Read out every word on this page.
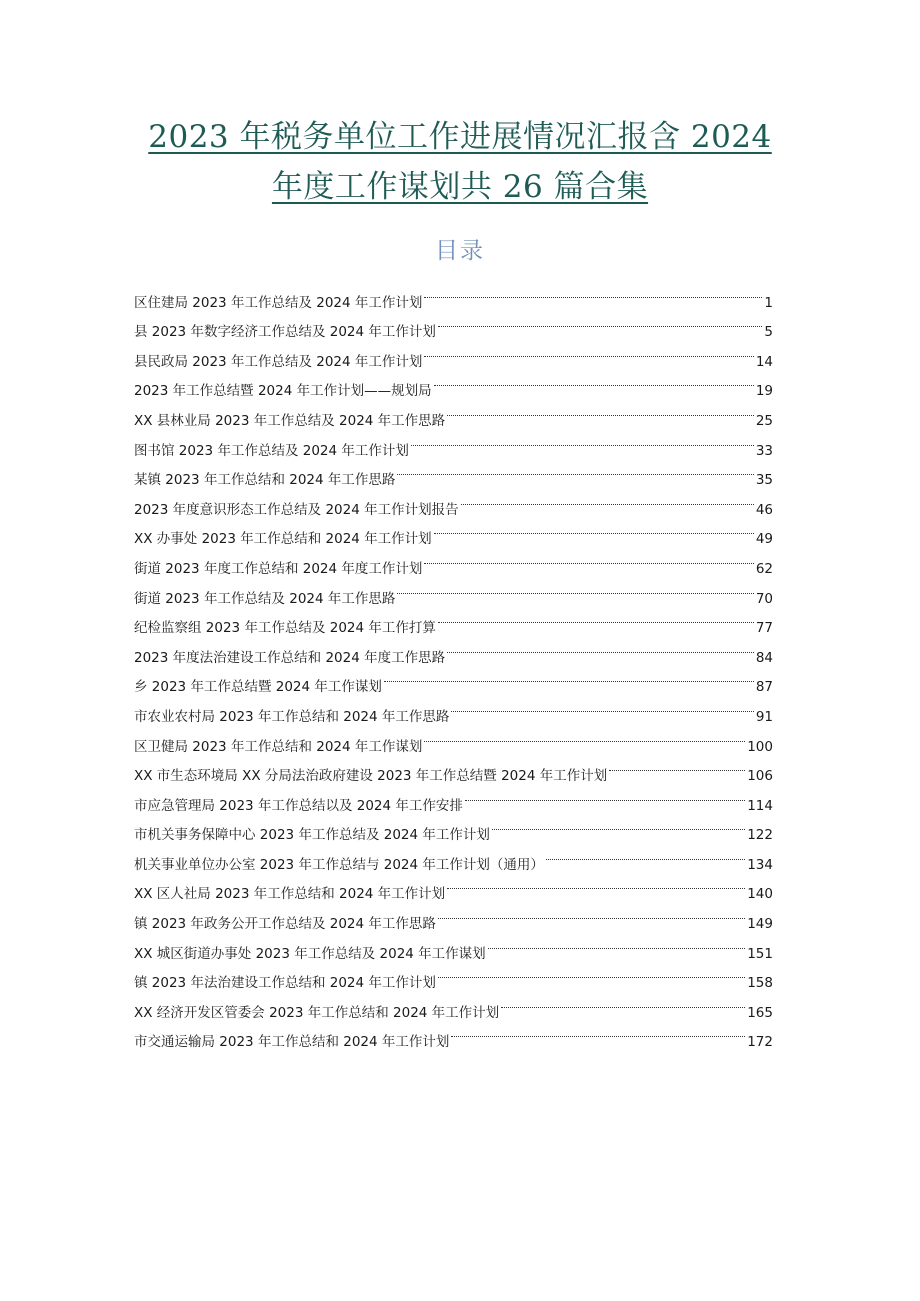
2023 年税务单位工作进展情况汇报含 2024
年度工作谋划共 26 篇合集
目录
区住建局 2023 年工作总结及 2024 年工作计划	1
县 2023 年数字经济工作总结及 2024 年工作计划	5
县民政局 2023 年工作总结及 2024 年工作计划	14
2023 年工作总结暨 2024 年工作计划——规划局	19
XX 县林业局 2023 年工作总结及 2024 年工作思路	25
图书馆 2023 年工作总结及 2024 年工作计划	33
某镇 2023 年工作总结和 2024 年工作思路	35
2023 年度意识形态工作总结及 2024 年工作计划报告	46
XX 办事处 2023 年工作总结和 2024 年工作计划	49
街道 2023 年度工作总结和 2024 年度工作计划	62
街道 2023 年工作总结及 2024 年工作思路	70
纪检监察组 2023 年工作总结及 2024 年工作打算	77
2023 年度法治建设工作总结和 2024 年度工作思路	84
乡 2023 年工作总结暨 2024 年工作谋划	87
市农业农村局 2023 年工作总结和 2024 年工作思路	91
区卫健局 2023 年工作总结和 2024 年工作谋划	100
XX 市生态环境局 XX 分局法治政府建设 2023 年工作总结暨 2024 年工作计划	106
市应急管理局 2023 年工作总结以及 2024 年工作安排	114
市机关事务保障中心 2023 年工作总结及 2024 年工作计划	122
机关事业单位办公室 2023 年工作总结与 2024 年工作计划（通用）	134
XX 区人社局 2023 年工作总结和 2024 年工作计划	140
镇 2023 年政务公开工作总结及 2024 年工作思路	149
XX 城区街道办事处 2023 年工作总结及 2024 年工作谋划	151
镇 2023 年法治建设工作总结和 2024 年工作计划	158
XX 经济开发区管委会 2023 年工作总结和 2024 年工作计划	165
市交通运输局 2023 年工作总结和 2024 年工作计划	172
